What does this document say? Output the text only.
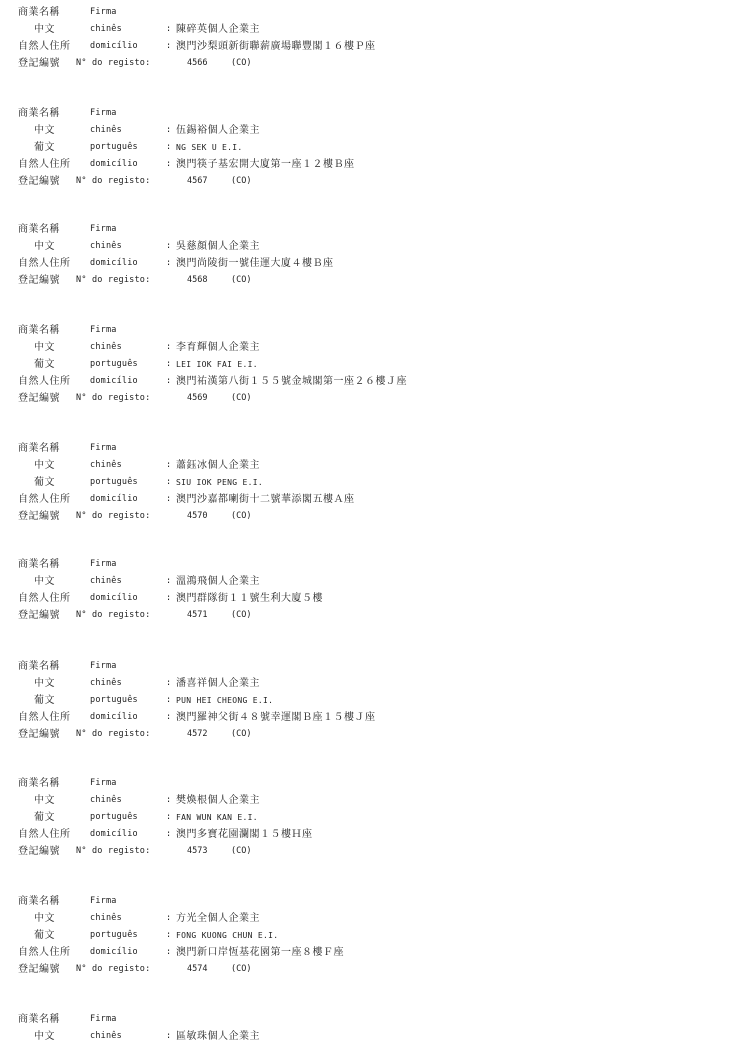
商業名稱	Firma
中文	chinês	: 陳碎英個人企業主
自然人住所 domicílio	: 澳門沙梨頭新街聯薪廣場聯豐閣１６樓Ｐ座
登記編號 N° do registo:	4566	(CO)
商業名稱	Firma
中文	chinês	: 伍錫裕個人企業主
葡文	português	: NG SEK U E.I.
自然人住所 domicílio	: 澳門筷子基宏開大廈第一座１２樓Ｂ座
登記編號 N° do registo:	4567	(CO)
商業名稱	Firma
中文	chinês	: 吳慈顏個人企業主
自然人住所 domicílio	: 澳門尚陵街一號佳運大廈４樓Ｂ座
登記編號 N° do registo:	4568	(CO)
商業名稱	Firma
中文	chinês	: 李育輝個人企業主
葡文	português	: LEI IOK FAI E.I.
自然人住所 domicílio	: 澳門祐漢第八街１５５號金城閣第一座２６樓Ｊ座
登記編號 N° do registo:	4569	(CO)
商業名稱	Firma
中文	chinês	: 蕭鈺冰個人企業主
葡文	português	: SIU IOK PENG E.I.
自然人住所 domicílio	: 澳門沙嘉都喇街十二號華添閣五樓Ａ座
登記編號 N° do registo:	4570	(CO)
商業名稱	Firma
中文	chinês	: 溫鴻飛個人企業主
自然人住所 domicílio	: 澳門群隊街１１號生利大廈５樓
登記編號 N° do registo:	4571	(CO)
商業名稱	Firma
中文	chinês	: 潘喜祥個人企業主
葡文	português	: PUN HEI CHEONG E.I.
自然人住所 domicílio	: 澳門羅神父街４８號幸運閣Ｂ座１５樓Ｊ座
登記編號 N° do registo:	4572	(CO)
商業名稱	Firma
中文	chinês	: 樊煥根個人企業主
葡文	português	: FAN WUN KAN E.I.
自然人住所 domicílio	: 澳門多寶花園瀾閣１５樓Ｈ座
登記編號 N° do registo:	4573	(CO)
商業名稱	Firma
中文	chinês	: 方光全個人企業主
葡文	português	: FONG KUONG CHUN E.I.
自然人住所 domicílio	: 澳門新口岸恆基花園第一座８樓Ｆ座
登記編號 N° do registo:	4574	(CO)
商業名稱	Firma
中文	chinês	: 區敏珠個人企業主
